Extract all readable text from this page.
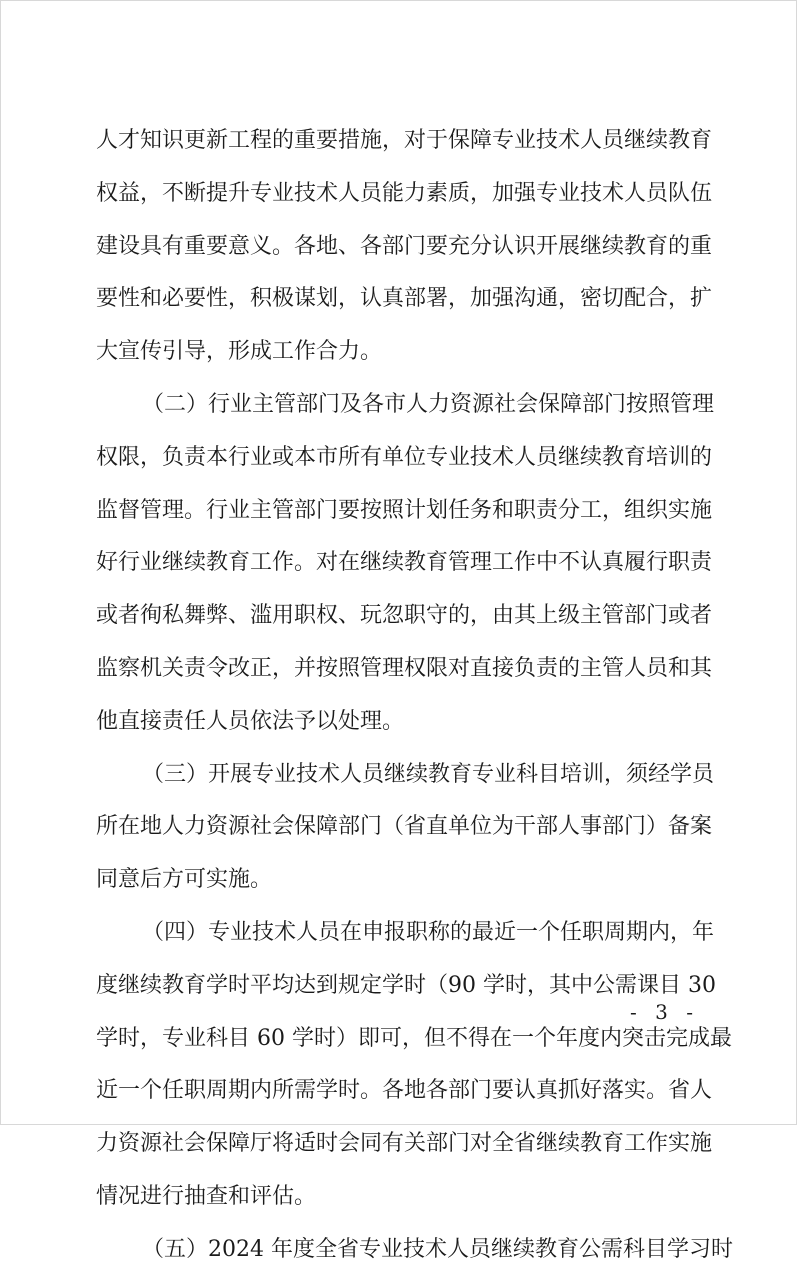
人才知识更新工程的重要措施，对于保障专业技术人员继续教育
权益，不断提升专业技术人员能力素质，加强专业技术人员队伍
建设具有重要意义。各地、各部门要充分认识开展继续教育的重
要性和必要性，积极谋划，认真部署，加强沟通，密切配合，扩
大宣传引导，形成工作合力。
（二）行业主管部门及各市人力资源社会保障部门按照管理
权限，负责本行业或本市所有单位专业技术人员继续教育培训的
监督管理。行业主管部门要按照计划任务和职责分工，组织实施
好行业继续教育工作。对在继续教育管理工作中不认真履行职责
或者徇私舞弊、滥用职权、玩忽职守的，由其上级主管部门或者
监察机关责令改正，并按照管理权限对直接负责的主管人员和其
他直接责任人员依法予以处理。
（三）开展专业技术人员继续教育专业科目培训，须经学员
所在地人力资源社会保障部门（省直单位为干部人事部门）备案
同意后方可实施。
（四）专业技术人员在申报职称的最近一个任职周期内，年
度继续教育学时平均达到规定学时（90 学时，其中公需课目 30
学时，专业科目 60 学时）即可，但不得在一个年度内突击完成最
近一个任职周期内所需学时。各地各部门要认真抓好落实。省人
力资源社会保障厅将适时会同有关部门对全省继续教育工作实施
情况进行抽查和评估。
（五）2024 年度全省专业技术人员继续教育公需科目学习时
- 3 -
